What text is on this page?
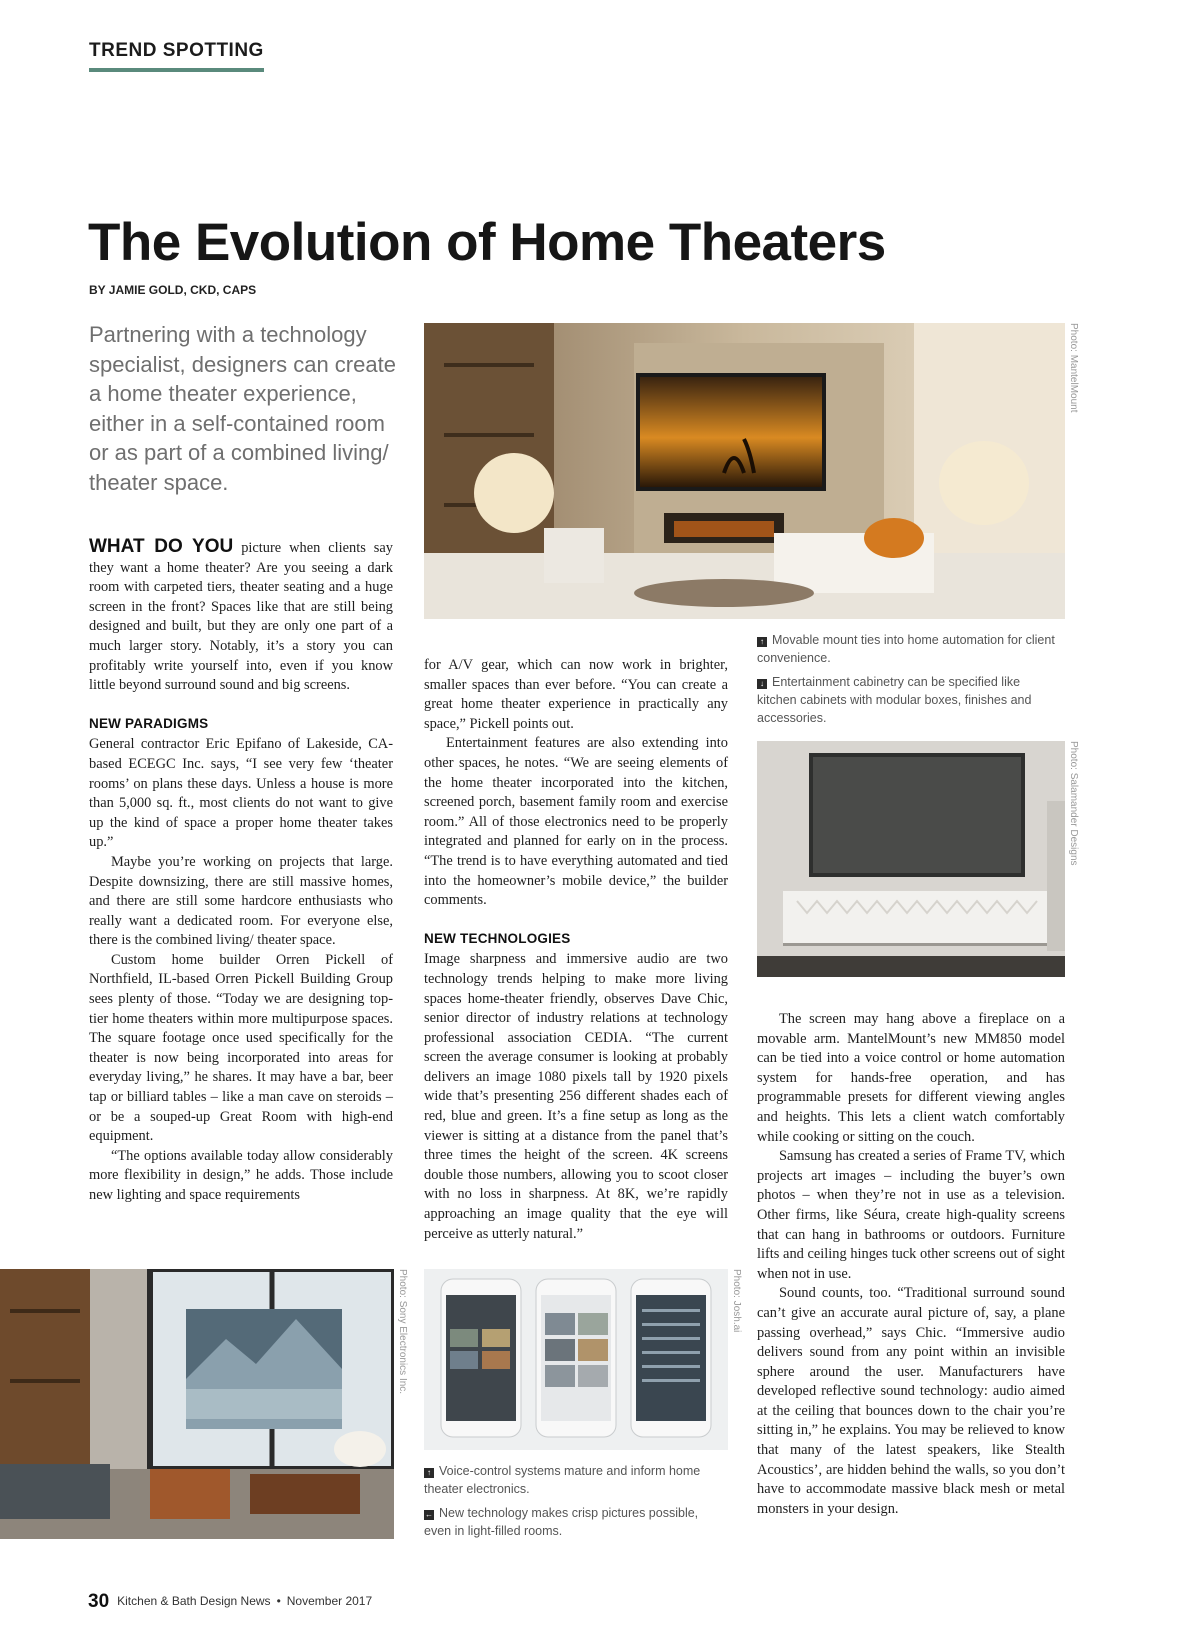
TREND SPOTTING
The Evolution of Home Theaters
BY JAMIE GOLD, CKD, CAPS
Partnering with a technology specialist, designers can create a home theater experience, either in a self-contained room or as part of a combined living/ theater space.

WHAT DO YOU picture when clients say they want a home theater? Are you seeing a dark room with carpeted tiers, theater seating and a huge screen in the front? Spaces like that are still being designed and built, but they are only one part of a much larger story. Notably, it’s a story you can profitably write yourself into, even if you know little beyond surround sound and big screens.

NEW PARADIGMS

General contractor Eric Epifano of Lakeside, CA-based ECEGC Inc. says, “I see very few ‘theater rooms’ on plans these days. Unless a house is more than 5,000 sq. ft., most clients do not want to give up the kind of space a proper home theater takes up.”

Maybe you’re working on projects that large. Despite downsizing, there are still massive homes, and there are still some hardcore enthusiasts who really want a dedicated room. For everyone else, there is the combined living/ theater space.

Custom home builder Orren Pickell of Northfield, IL-based Orren Pickell Building Group sees plenty of those. “Today we are designing top-tier home theaters within more multipurpose spaces. The square footage once used specifically for the theater is now being incorporated into areas for everyday living,” he shares. It may have a bar, beer tap or billiard tables – like a man cave on steroids – or be a souped-up Great Room with high-end equipment.

“The options available today allow considerably more flexibility in design,” he adds. Those include new lighting and space requirements

Photo: MantelMount

↑ Movable mount ties into home automation for client convenience.

↓ Entertainment cabinetry can be specified like kitchen cabinets with modular boxes, finishes and accessories.

for A/V gear, which can now work in brighter, smaller spaces than ever before. “You can create a great home theater experience in practically any space,” Pickell points out.

Entertainment features are also extending into other spaces, he notes. “We are seeing elements of the home theater incorporated into the kitchen, screened porch, basement family room and exercise room.” All of those electronics need to be properly integrated and planned for early on in the process. “The trend is to have everything automated and tied into the homeowner’s mobile device,” the builder comments.

NEW TECHNOLOGIES

Image sharpness and immersive audio are two technology trends helping to make more living spaces home-theater friendly, observes Dave Chic, senior director of industry relations at technology professional association CEDIA. “The current screen the average consumer is looking at probably delivers an image 1080 pixels tall by 1920 pixels wide that’s presenting 256 different shades each of red, blue and green. It’s a fine setup as long as the viewer is sitting at a distance from the panel that’s three times the height of the screen. 4K screens double those numbers, allowing you to scoot closer with no loss in sharpness. At 8K, we’re rapidly approaching an image quality that the eye will perceive as utterly natural.”

Photo: Salamander Designs

The screen may hang above a fireplace on a movable arm. MantelMount’s new MM850 model can be tied into a voice control or home automation system for hands-free operation, and has programmable presets for different viewing angles and heights. This lets a client watch comfortably while cooking or sitting on the couch.

Samsung has created a series of Frame TV, which projects art images – including the buyer’s own photos – when they’re not in use as a television. Other firms, like Séura, create high-quality screens that can hang in bathrooms or outdoors. Furniture lifts and ceiling hinges tuck other screens out of sight when not in use.

Sound counts, too. “Traditional surround sound can’t give an accurate aural picture of, say, a plane passing overhead,” says Chic. “Immersive audio delivers sound from any point within an invisible sphere around the user. Manufacturers have developed reflective sound technology: audio aimed at the ceiling that bounces down to the chair you’re sitting in,” he explains. You may be relieved to know that many of the latest speakers, like Stealth Acoustics’, are hidden behind the walls, so you don’t have to accommodate massive black mesh or metal monsters in your design.

Photo: Sony Electronics Inc.	Photo: Josh.ai

↑ Voice-control systems mature and inform home theater electronics.

← New technology makes crisp pictures possible, even in light-filled rooms.

30 Kitchen & Bath Design News • November 2017
